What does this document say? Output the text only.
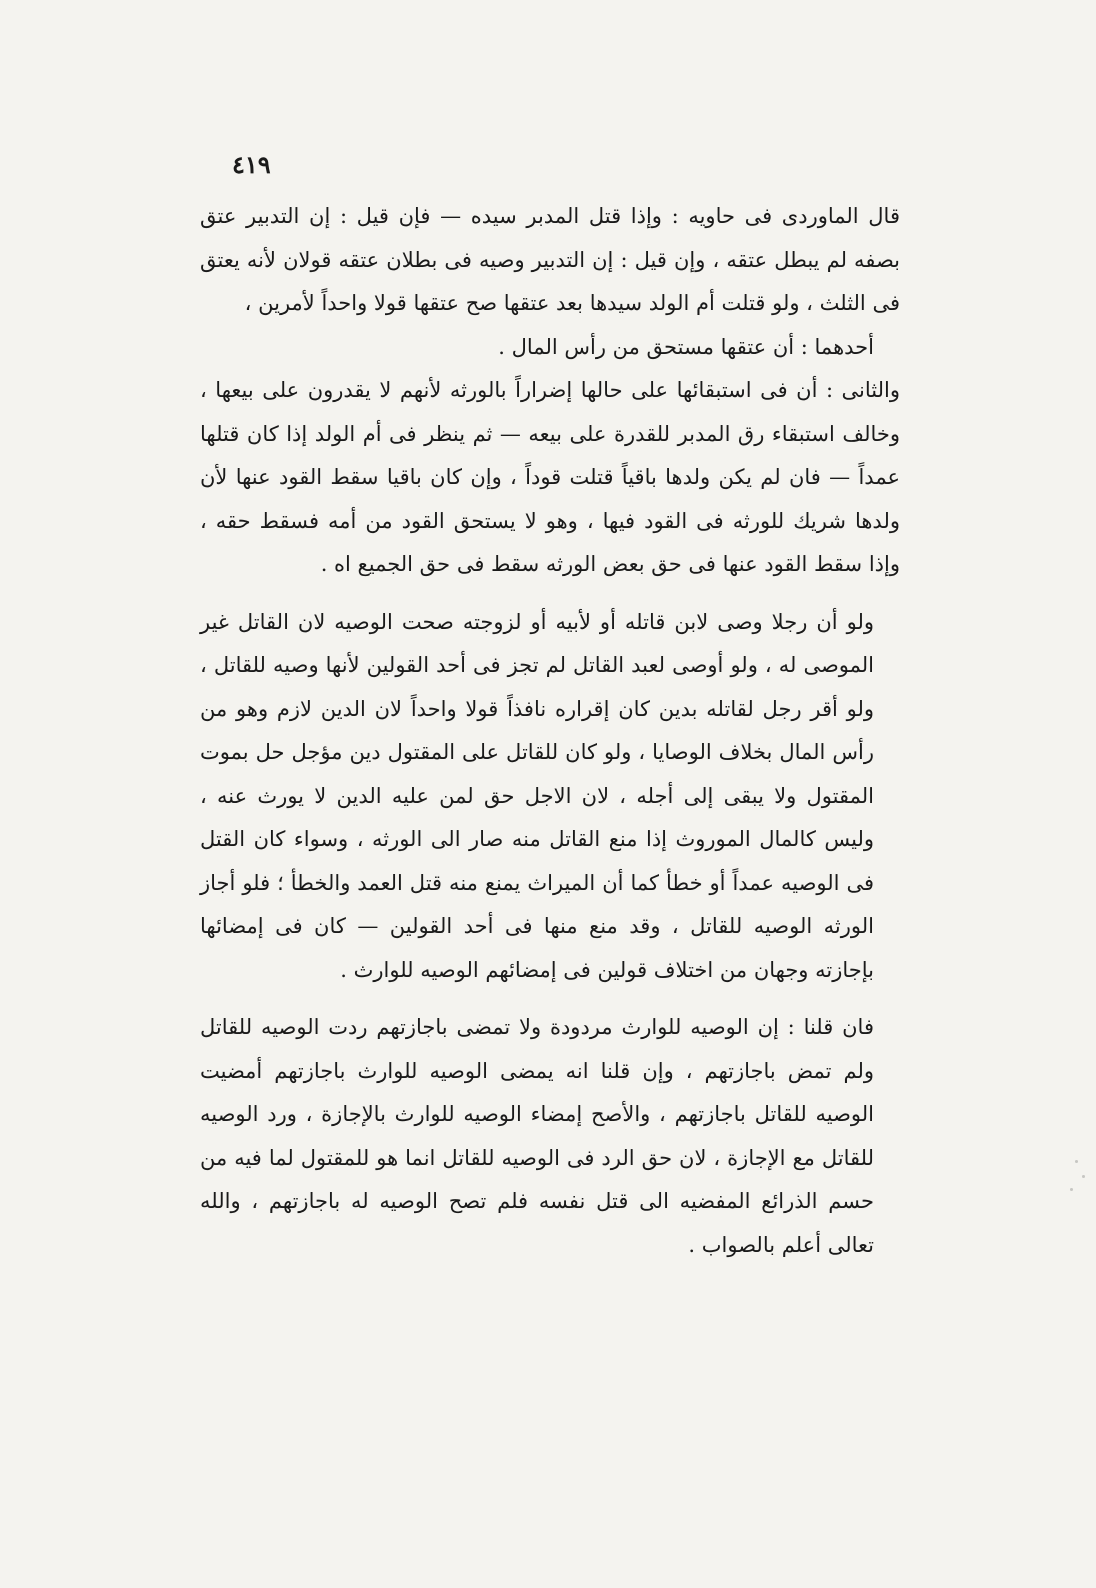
٤١٩

قال الماوردى فى حاويه : وإذا قتل المدبر سيده — فإن قيل : إن التدبير عتق بصفه لم يبطل عتقه ، وإن قيل : إن التدبير وصيه فى بطلان عتقه قولان لأنه يعتق فى الثلث ، ولو قتلت أم الولد سيدها بعد عتقها صح عتقها قولا واحداً لأمرين ،

أحدهما : أن عتقها مستحق من رأس المال .

والثانى : أن فى استبقائها على حالها إضراراً بالورثه لأنهم لا يقدرون على بيعها ، وخالف استبقاء رق المدبر للقدرة على بيعه — ثم ينظر فى أم الولد إذا كان قتلها عمداً — فان لم يكن ولدها باقياً قتلت قوداً ، وإن كان باقيا سقط القود عنها لأن ولدها شريك للورثه فى القود فيها ، وهو لا يستحق القود من أمه فسقط حقه ، وإذا سقط القود عنها فى حق بعض الورثه سقط فى حق الجميع اه .

ولو أن رجلا وصى لابن قاتله أو لأبيه أو لزوجته صحت الوصيه لان القاتل غير الموصى له ، ولو أوصى لعبد القاتل لم تجز فى أحد القولين لأنها وصيه للقاتل ، ولو أقر رجل لقاتله بدين كان إقراره نافذاً قولا واحداً لان الدين لازم وهو من رأس المال بخلاف الوصايا ، ولو كان للقاتل على المقتول دين مؤجل حل بموت المقتول ولا يبقى إلى أجله ، لان الاجل حق لمن عليه الدين لا يورث عنه ، وليس كالمال الموروث إذا منع القاتل منه صار الى الورثه ، وسواء كان القتل فى الوصيه عمداً أو خطأ كما أن الميراث يمنع منه قتل العمد والخطأ ؛ فلو أجاز الورثه الوصيه للقاتل ، وقد منع منها فى أحد القولين — كان فى إمضائها بإجازته وجهان من اختلاف قولين فى إمضائهم الوصيه للوارث .

فان قلنا : إن الوصيه للوارث مردودة ولا تمضى باجازتهم ردت الوصيه للقاتل ولم تمض باجازتهم ، وإن قلنا انه يمضى الوصيه للوارث باجازتهم أمضيت الوصيه للقاتل باجازتهم ، والأصح إمضاء الوصيه للوارث بالإجازة ، ورد الوصيه للقاتل مع الإجازة ، لان حق الرد فى الوصيه للقاتل انما هو للمقتول لما فيه من حسم الذرائع المفضيه الى قتل نفسه فلم تصح الوصيه له باجازتهم ، والله تعالى أعلم بالصواب .
